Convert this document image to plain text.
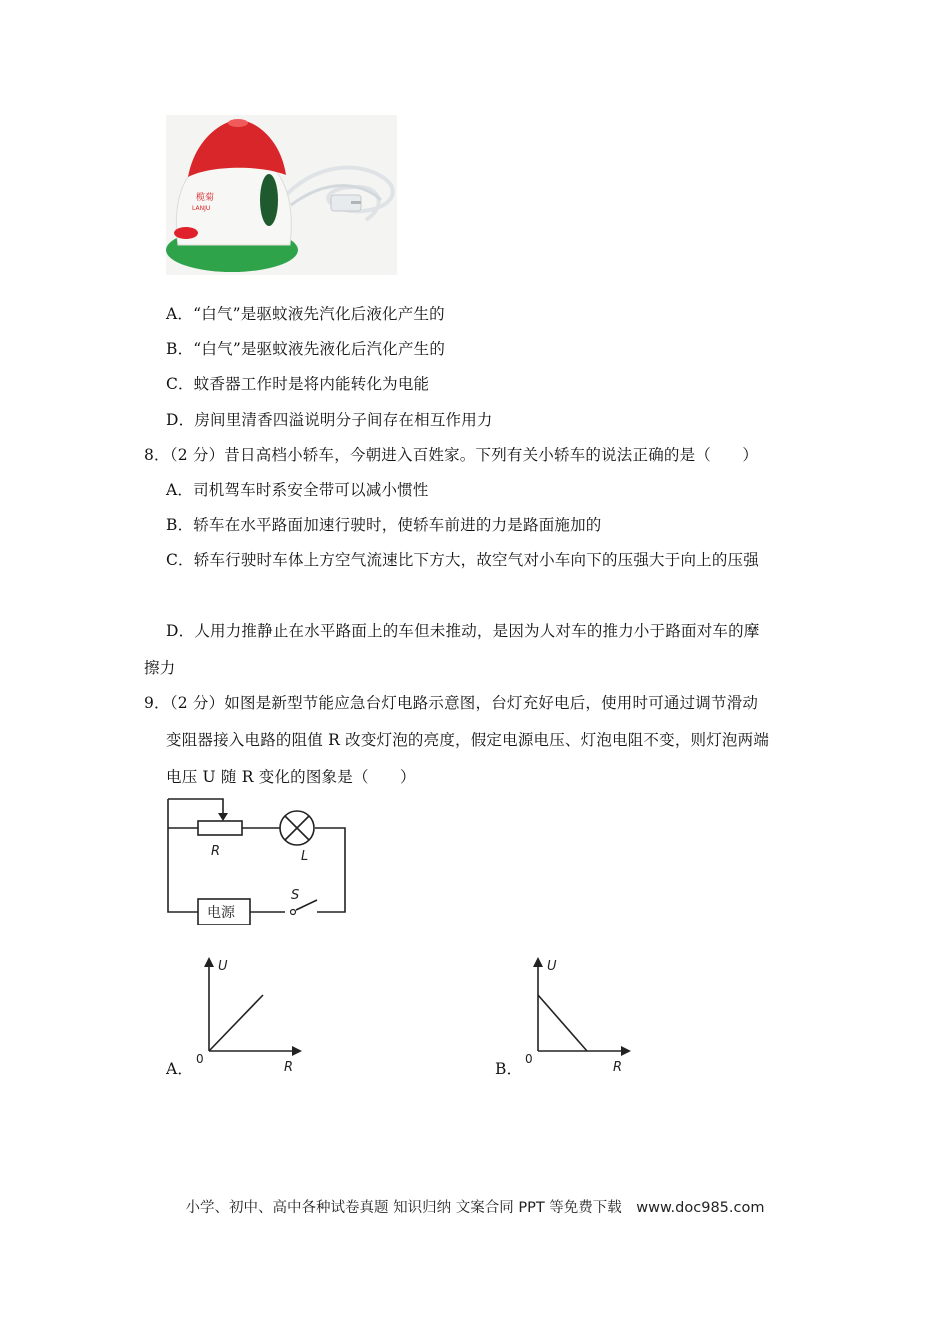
榄菊
LANJU
A．“白气”是驱蚊液先汽化后液化产生的
B．“白气”是驱蚊液先液化后汽化产生的
C．蚊香器工作时是将内能转化为电能
D．房间里清香四溢说明分子间存在相互作用力
8．（2 分）昔日高档小轿车，今朝进入百姓家。下列有关小轿车的说法正确的是（　　）
A．司机驾车时系安全带可以减小惯性
B．轿车在水平路面加速行驶时，使轿车前进的力是路面施加的
C．轿车行驶时车体上方空气流速比下方大，故空气对小车向下的压强大于向上的压强
D．人用力推静止在水平路面上的车但未推动，是因为人对车的推力小于路面对车的摩
擦力
9．（2 分）如图是新型节能应急台灯电路示意图，台灯充好电后，使用时可通过调节滑动
变阻器接入电路的阻值 R 改变灯泡的亮度，假定电源电压、灯泡电阻不变，则灯泡两端
电压 U 随 R 变化的图象是（　　）
R	L
S
电源
A．
U
R
0
B．
U
R
0
小学、初中、高中各种试卷真题 知识归纳 文案合同 PPT 等免费下载　www.doc985.com
